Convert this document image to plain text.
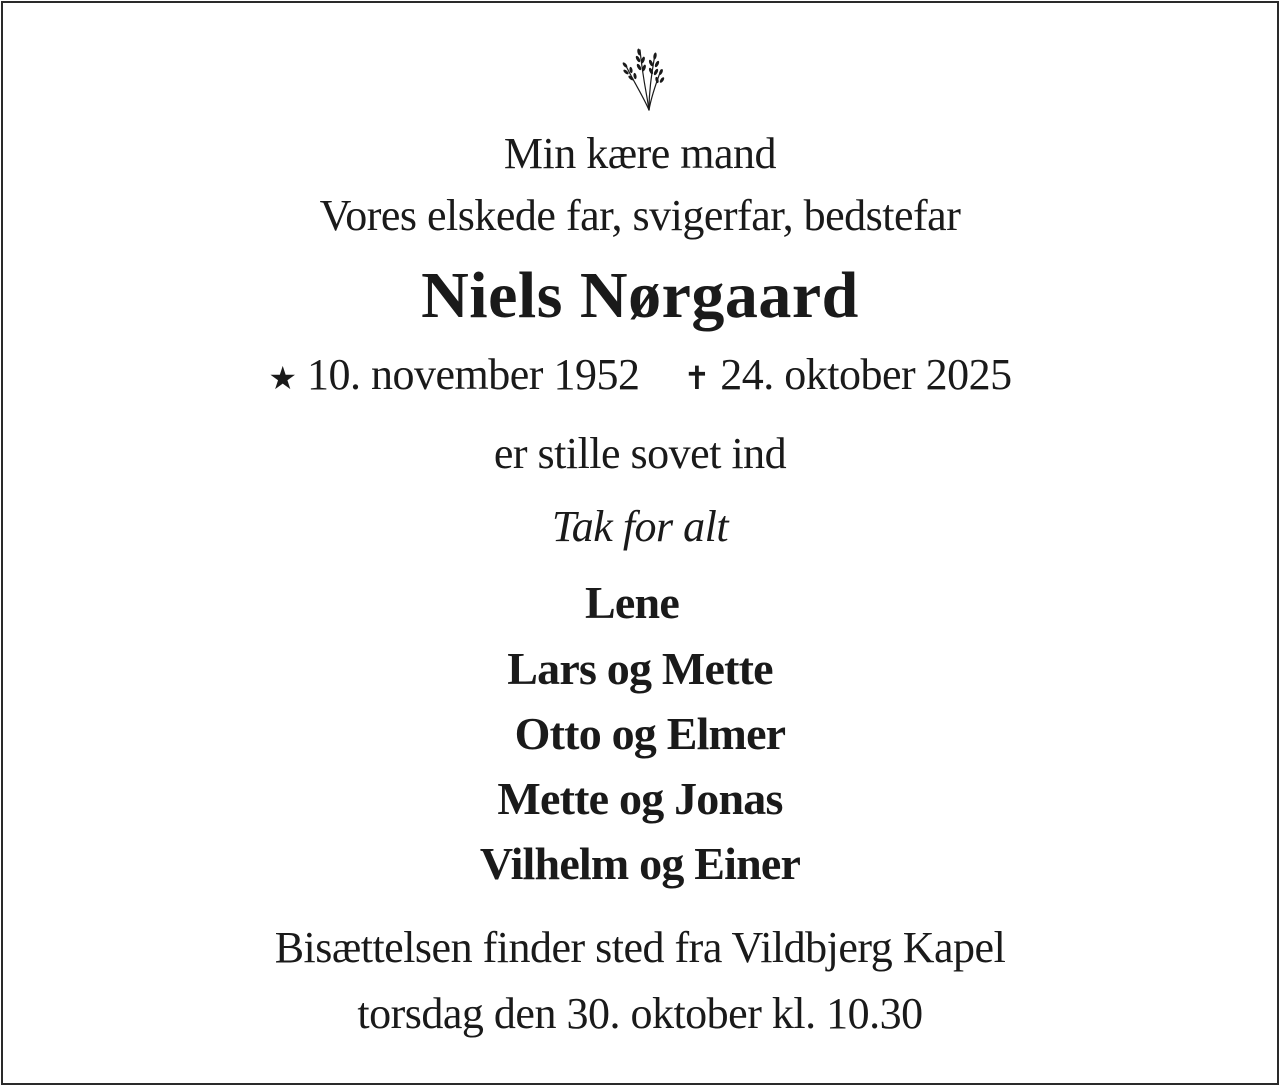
Min kære mand
Vores elskede far, svigerfar, bedstefar
Niels Nørgaard
★ 10. november 1952 ✝ 24. oktober 2025
er stille sovet ind
Tak for alt
Lene
Lars og Mette
Otto og Elmer
Mette og Jonas
Vilhelm og Einer
Bisættelsen finder sted fra Vildbjerg Kapel
torsdag den 30. oktober kl. 10.30
